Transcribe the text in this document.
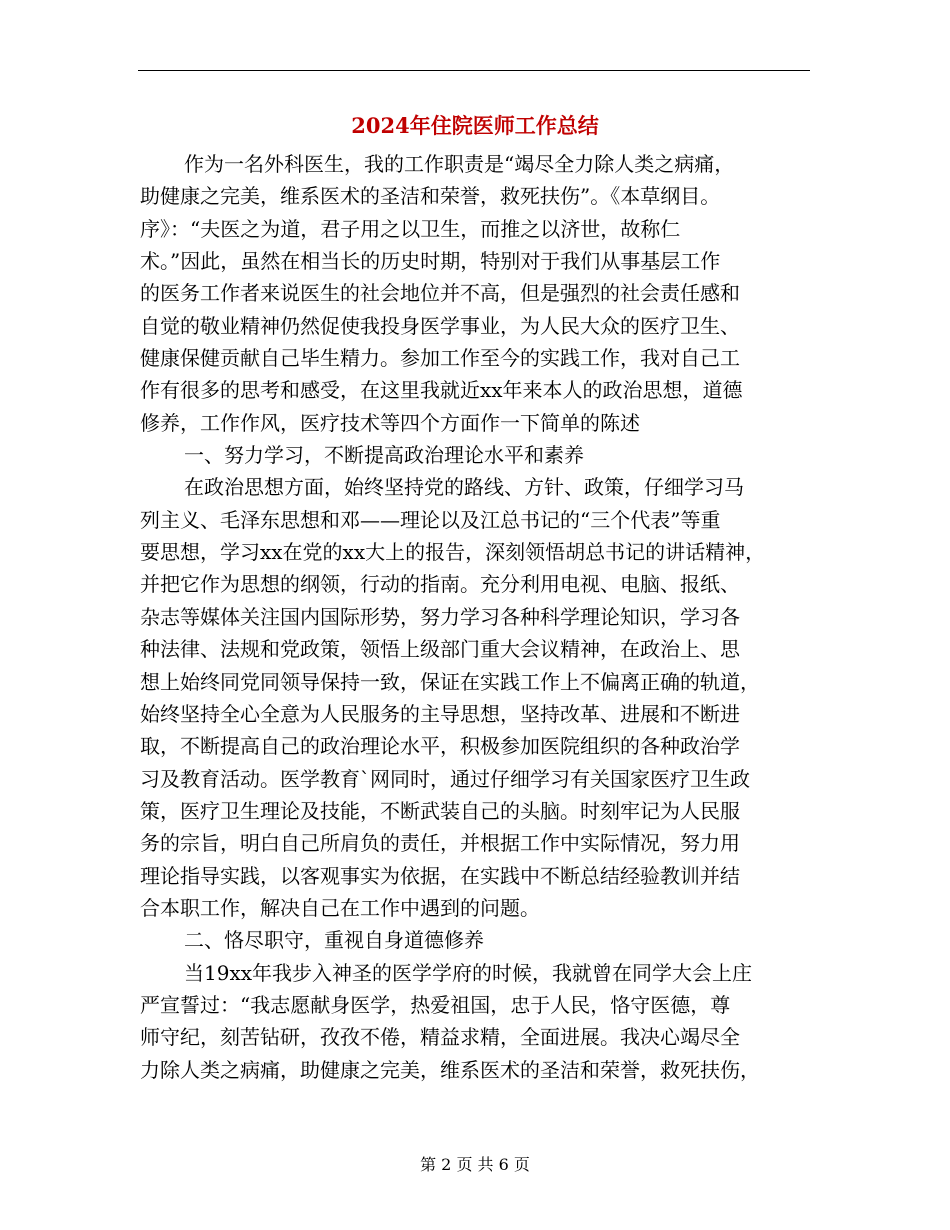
2024年住院医师工作总结
作为一名外科医生，我的工作职责是“竭尽全力除人类之病痛，
助健康之完美，维系医术的圣洁和荣誉，救死扶伤”。《本草纲目。
序》：“夫医之为道，君子用之以卫生，而推之以济世，故称仁
术。”因此，虽然在相当长的历史时期，特别对于我们从事基层工作
的医务工作者来说医生的社会地位并不高，但是强烈的社会责任感和
自觉的敬业精神仍然促使我投身医学事业，为人民大众的医疗卫生、
健康保健贡献自己毕生精力。参加工作至今的实践工作，我对自己工
作有很多的思考和感受，在这里我就近xx年来本人的政治思想，道德
修养，工作作风，医疗技术等四个方面作一下简单的陈述
一、努力学习，不断提高政治理论水平和素养
在政治思想方面，始终坚持党的路线、方针、政策，仔细学习马
列主义、毛泽东思想和邓——理论以及江总书记的“三个代表”等重
要思想，学习xx在党的xx大上的报告，深刻领悟胡总书记的讲话精神，
并把它作为思想的纲领，行动的指南。充分利用电视、电脑、报纸、
杂志等媒体关注国内国际形势，努力学习各种科学理论知识，学习各
种法律、法规和党政策，领悟上级部门重大会议精神，在政治上、思
想上始终同党同领导保持一致，保证在实践工作上不偏离正确的轨道，
始终坚持全心全意为人民服务的主导思想，坚持改革、进展和不断进
取，不断提高自己的政治理论水平，积极参加医院组织的各种政治学
习及教育活动。医学教育`网同时，通过仔细学习有关国家医疗卫生政
策，医疗卫生理论及技能，不断武装自己的头脑。时刻牢记为人民服
务的宗旨，明白自己所肩负的责任，并根据工作中实际情况，努力用
理论指导实践，以客观事实为依据，在实践中不断总结经验教训并结
合本职工作，解决自己在工作中遇到的问题。
二、恪尽职守，重视自身道德修养
当19xx年我步入神圣的医学学府的时候，我就曾在同学大会上庄
严宣誓过：“我志愿献身医学，热爱祖国，忠于人民，恪守医德，尊
师守纪，刻苦钻研，孜孜不倦，精益求精，全面进展。我决心竭尽全
力除人类之病痛，助健康之完美，维系医术的圣洁和荣誉，救死扶伤，
第 2 页 共 6 页
